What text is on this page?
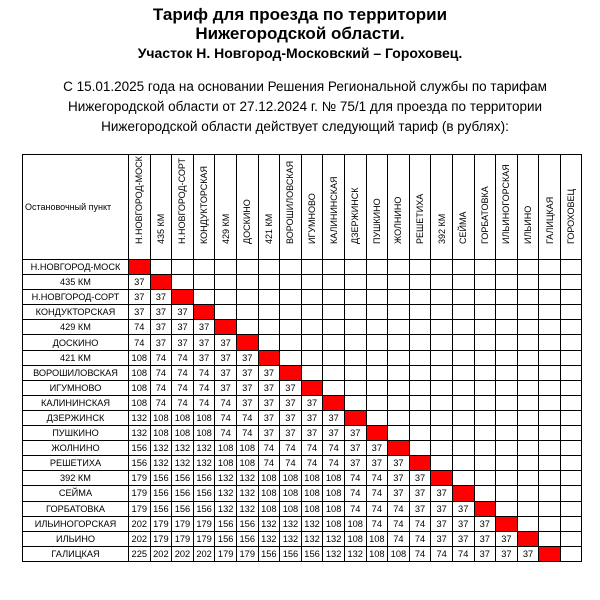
Тариф для проезда по территории
Нижегородской области.
Участок Н. Новгород-Московский – Гороховец.
С 15.01.2025 года на основании Решения Региональной службы по тарифам
Нижегородской области от 27.12.2024 г. № 75/1 для проезда по территории
Нижегородской области действует следующий тариф (в рублях):
Остановочный пункт	Н.НОВГОРОД-МОСК	435 КМ	Н.НОВГОРОД-СОРТ	КОНДУКТОРСКАЯ	429 КМ	ДОСКИНО	421 КМ	ВОРОШИЛОВСКАЯ	ИГУМНОВО	КАЛИНИНСКАЯ	ДЗЕРЖИНСК	ПУШКИНО	ЖОЛНИНО	РЕШЕТИХА	392 КМ	СЕЙМА	ГОРБАТОВКА	ИЛЬИНОГОРСКАЯ	ИЛЬИНО	ГАЛИЦКАЯ	ГОРОХОВЕЦ

Н.НОВГОРОД-МОСК																					
435 КМ	37																				
Н.НОВГОРОД-СОРТ	37	37																			
КОНДУКТОРСКАЯ	37	37	37																		
429 КМ	74	37	37	37																	
ДОСКИНО	74	37	37	37	37																
421 КМ	108	74	74	37	37	37															
ВОРОШИЛОВСКАЯ	108	74	74	74	37	37	37														
ИГУМНОВО	108	74	74	74	37	37	37	37													
КАЛИНИНСКАЯ	108	74	74	74	74	37	37	37	37												
ДЗЕРЖИНСК	132	108	108	108	74	74	37	37	37	37											
ПУШКИНО	132	108	108	108	74	74	37	37	37	37	37										
ЖОЛНИНО	156	132	132	132	108	108	74	74	74	74	37	37									
РЕШЕТИХА	156	132	132	132	108	108	74	74	74	74	37	37	37								
392 КМ	179	156	156	156	132	132	108	108	108	108	74	74	37	37							
СЕЙМА	179	156	156	156	132	132	108	108	108	108	74	74	37	37	37						
ГОРБАТОВКА	179	156	156	156	132	132	108	108	108	108	74	74	74	37	37	37					
ИЛЬИНОГОРСКАЯ	202	179	179	179	156	156	132	132	132	108	108	74	74	74	37	37	37				
ИЛЬИНО	202	179	179	179	156	156	132	132	132	132	108	108	74	74	37	37	37	37			
ГАЛИЦКАЯ	225	202	202	202	179	179	156	156	156	132	132	108	108	74	74	74	37	37	37		
